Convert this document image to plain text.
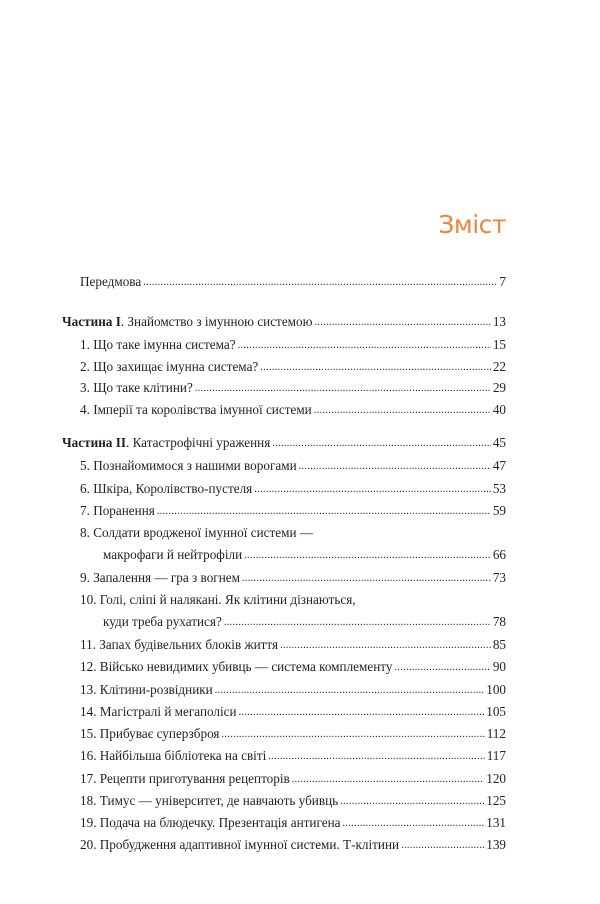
Зміст
Передмова .....	7
Частина I. Знайомство з імунною системою .....	13
1. Що таке імунна система? .....	15
2. Що захищає імунна система? .....	22
3. Що таке клітини? .....	29
4. Імперії та королівства імунної системи .....	40
Частина II. Катастрофічні ураження .....	45
5. Познайомимося з нашими ворогами .....	47
6. Шкіра, Королівство-пустеля .....	53
7. Поранення .....	59
8. Солдати вродженої імунної системи —
макрофаги й нейтрофіли .....	66
9. Запалення — гра з вогнем .....	73
10. Голі, сліпі й налякані. Як клітини дізнаються,
куди треба рухатися? .....	78
11. Запах будівельних блоків життя .....	85
12. Військо невидимих убивць — система комплементу .....	90
13. Клітини-розвідники .....	100
14. Магістралі й мегаполіси .....	105
15. Прибуває суперзброя .....	112
16. Найбільша бібліотека на світі .....	117
17. Рецепти приготування рецепторів .....	120
18. Тимус — університет, де навчають убивць .....	125
19. Подача на блюдечку. Презентація антигена .....	131
20. Пробудження адаптивної імунної системи. Т-клітини .....	139
